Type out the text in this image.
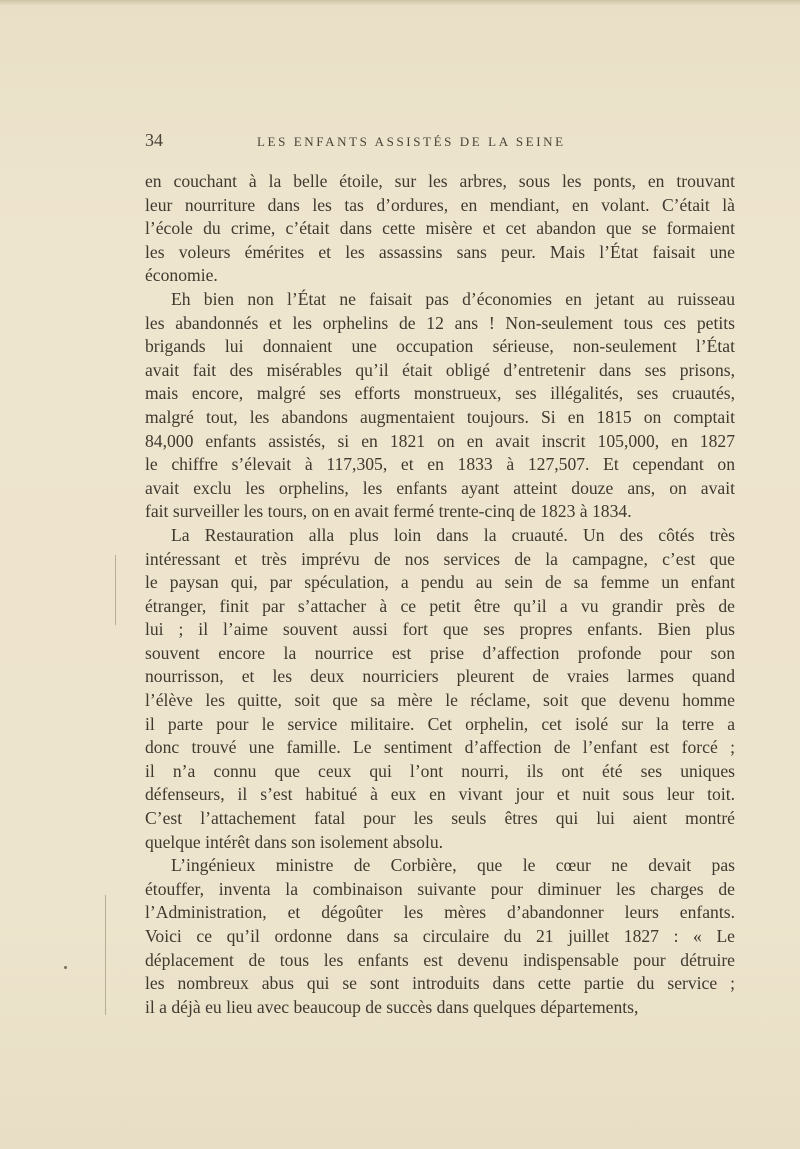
34	LES ENFANTS ASSISTÉS DE LA SEINE

en couchant à la belle étoile, sur les arbres, sous les ponts, en trouvant

leur nourriture dans les tas d’ordures, en mendiant, en volant. C’était là

l’école du crime, c’était dans cette misère et cet abandon que se formaient

les voleurs émérites et les assassins sans peur. Mais l’État faisait une

économie.

Eh bien non l’État ne faisait pas d’économies en jetant au ruisseau

les abandonnés et les orphelins de 12 ans ! Non-seulement tous ces petits

brigands lui donnaient une occupation sérieuse, non-seulement l’État

avait fait des misérables qu’il était obligé d’entretenir dans ses prisons,

mais encore, malgré ses efforts monstrueux, ses illégalités, ses cruautés,

malgré tout, les abandons augmentaient toujours. Si en 1815 on comptait

84,000 enfants assistés, si en 1821 on en avait inscrit 105,000, en 1827

le chiffre s’élevait à 117,305, et en 1833 à 127,507. Et cependant on

avait exclu les orphelins, les enfants ayant atteint douze ans, on avait

fait surveiller les tours, on en avait fermé trente-cinq de 1823 à 1834.

La Restauration alla plus loin dans la cruauté. Un des côtés très

intéressant et très imprévu de nos services de la campagne, c’est que

le paysan qui, par spéculation, a pendu au sein de sa femme un enfant

étranger, finit par s’attacher à ce petit être qu’il a vu grandir près de

lui ; il l’aime souvent aussi fort que ses propres enfants. Bien plus

souvent encore la nourrice est prise d’affection profonde pour son

nourrisson, et les deux nourriciers pleurent de vraies larmes quand

l’élève les quitte, soit que sa mère le réclame, soit que devenu homme

il parte pour le service militaire. Cet orphelin, cet isolé sur la terre a

donc trouvé une famille. Le sentiment d’affection de l’enfant est forcé ;

il n’a connu que ceux qui l’ont nourri, ils ont été ses uniques

défenseurs, il s’est habitué à eux en vivant jour et nuit sous leur toit.

C’est l’attachement fatal pour les seuls êtres qui lui aient montré

quelque intérêt dans son isolement absolu.

L’ingénieux ministre de Corbière, que le cœur ne devait pas

étouffer, inventa la combinaison suivante pour diminuer les charges de

l’Administration, et dégoûter les mères d’abandonner leurs enfants.

Voici ce qu’il ordonne dans sa circulaire du 21 juillet 1827 : « Le

déplacement de tous les enfants est devenu indispensable pour détruire

les nombreux abus qui se sont introduits dans cette partie du service ;

il a déjà eu lieu avec beaucoup de succès dans quelques départements,
